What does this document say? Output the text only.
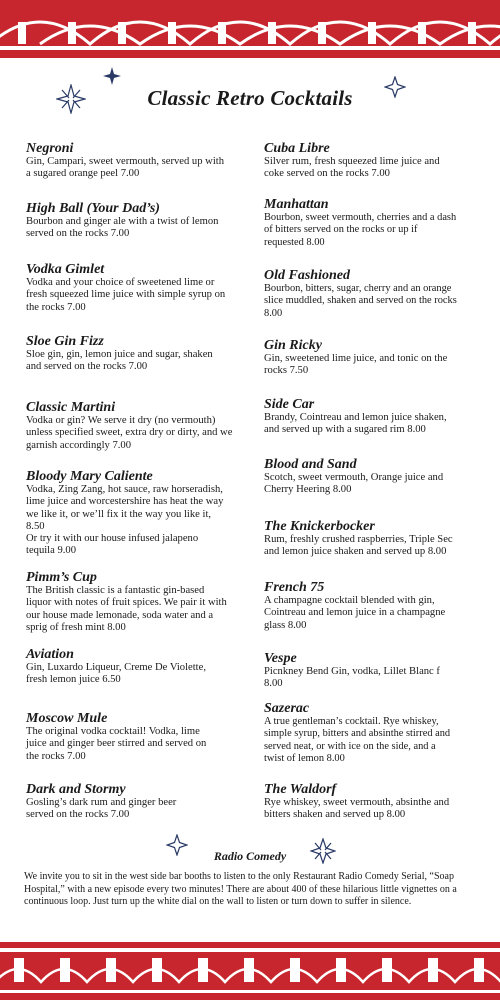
Classic Retro Cocktails
Negroni
Gin, Campari, sweet vermouth, served up with
a sugared orange peel 7.00
High Ball (Your Dad’s)
Bourbon and ginger ale with a twist of lemon
served on the rocks 7.00
Vodka Gimlet
Vodka and your choice of sweetened lime or
fresh squeezed lime juice with simple syrup on
the rocks 7.00
Sloe Gin Fizz
Sloe gin, gin, lemon juice and sugar, shaken
and served on the rocks 7.00
Classic Martini
Vodka or gin? We serve it dry (no vermouth)
unless specified sweet, extra dry or dirty, and we
garnish accordingly 7.00
Bloody Mary Caliente
Vodka, Zing Zang, hot sauce, raw horseradish,
lime juice and worcestershire has heat the way
we like it, or we’ll fix it the way you like it,
8.50
Or try it with our house infused jalapeno
tequila 9.00
Pimm’s Cup
The British classic is a fantastic gin-based
liquor with notes of fruit spices. We pair it with
our house made lemonade, soda water and a
sprig of fresh mint 8.00
Aviation
Gin, Luxardo Liqueur, Creme De Violette,
fresh lemon juice 6.50
Moscow Mule
The original vodka cocktail! Vodka, lime
juice and ginger beer stirred and served on
the rocks 7.00
Dark and Stormy
Gosling’s dark rum and ginger beer
served on the rocks 7.00
Cuba Libre
Silver rum, fresh squeezed lime juice and
coke served on the rocks 7.00
Manhattan
Bourbon, sweet vermouth, cherries and a dash
of bitters served on the rocks or up if
requested 8.00
Old Fashioned
Bourbon, bitters, sugar, cherry and an orange
slice muddled, shaken and served on the rocks
8.00
Gin Ricky
Gin, sweetened lime juice, and tonic on the
rocks 7.50
Side Car
Brandy, Cointreau and lemon juice shaken,
and served up with a sugared rim 8.00
Blood and Sand
Scotch, sweet vermouth, Orange juice and
Cherry Heering 8.00
The Knickerbocker
Rum, freshly crushed raspberries, Triple Sec
and lemon juice shaken and served up 8.00
French 75
A champagne cocktail blended with gin,
Cointreau and lemon juice in a champagne
glass 8.00
Vespe
Picnkney Bend Gin, vodka, Lillet Blanc f
8.00
Sazerac
A true gentleman’s cocktail. Rye whiskey,
simple syrup, bitters and absinthe stirred and
served neat, or with ice on the side, and a
twist of lemon 8.00
The Waldorf
Rye whiskey, sweet vermouth, absinthe and
bitters shaken and served up 8.00
Radio Comedy
We invite you to sit in the west side bar booths to listen to the only Restaurant Radio Comedy Serial, “Soap Hospital,” with a new episode every two minutes! There are about 400 of these hilarious little vignettes on a continuous loop. Just turn up the white dial on the wall to listen or turn down to suffer in silence.
